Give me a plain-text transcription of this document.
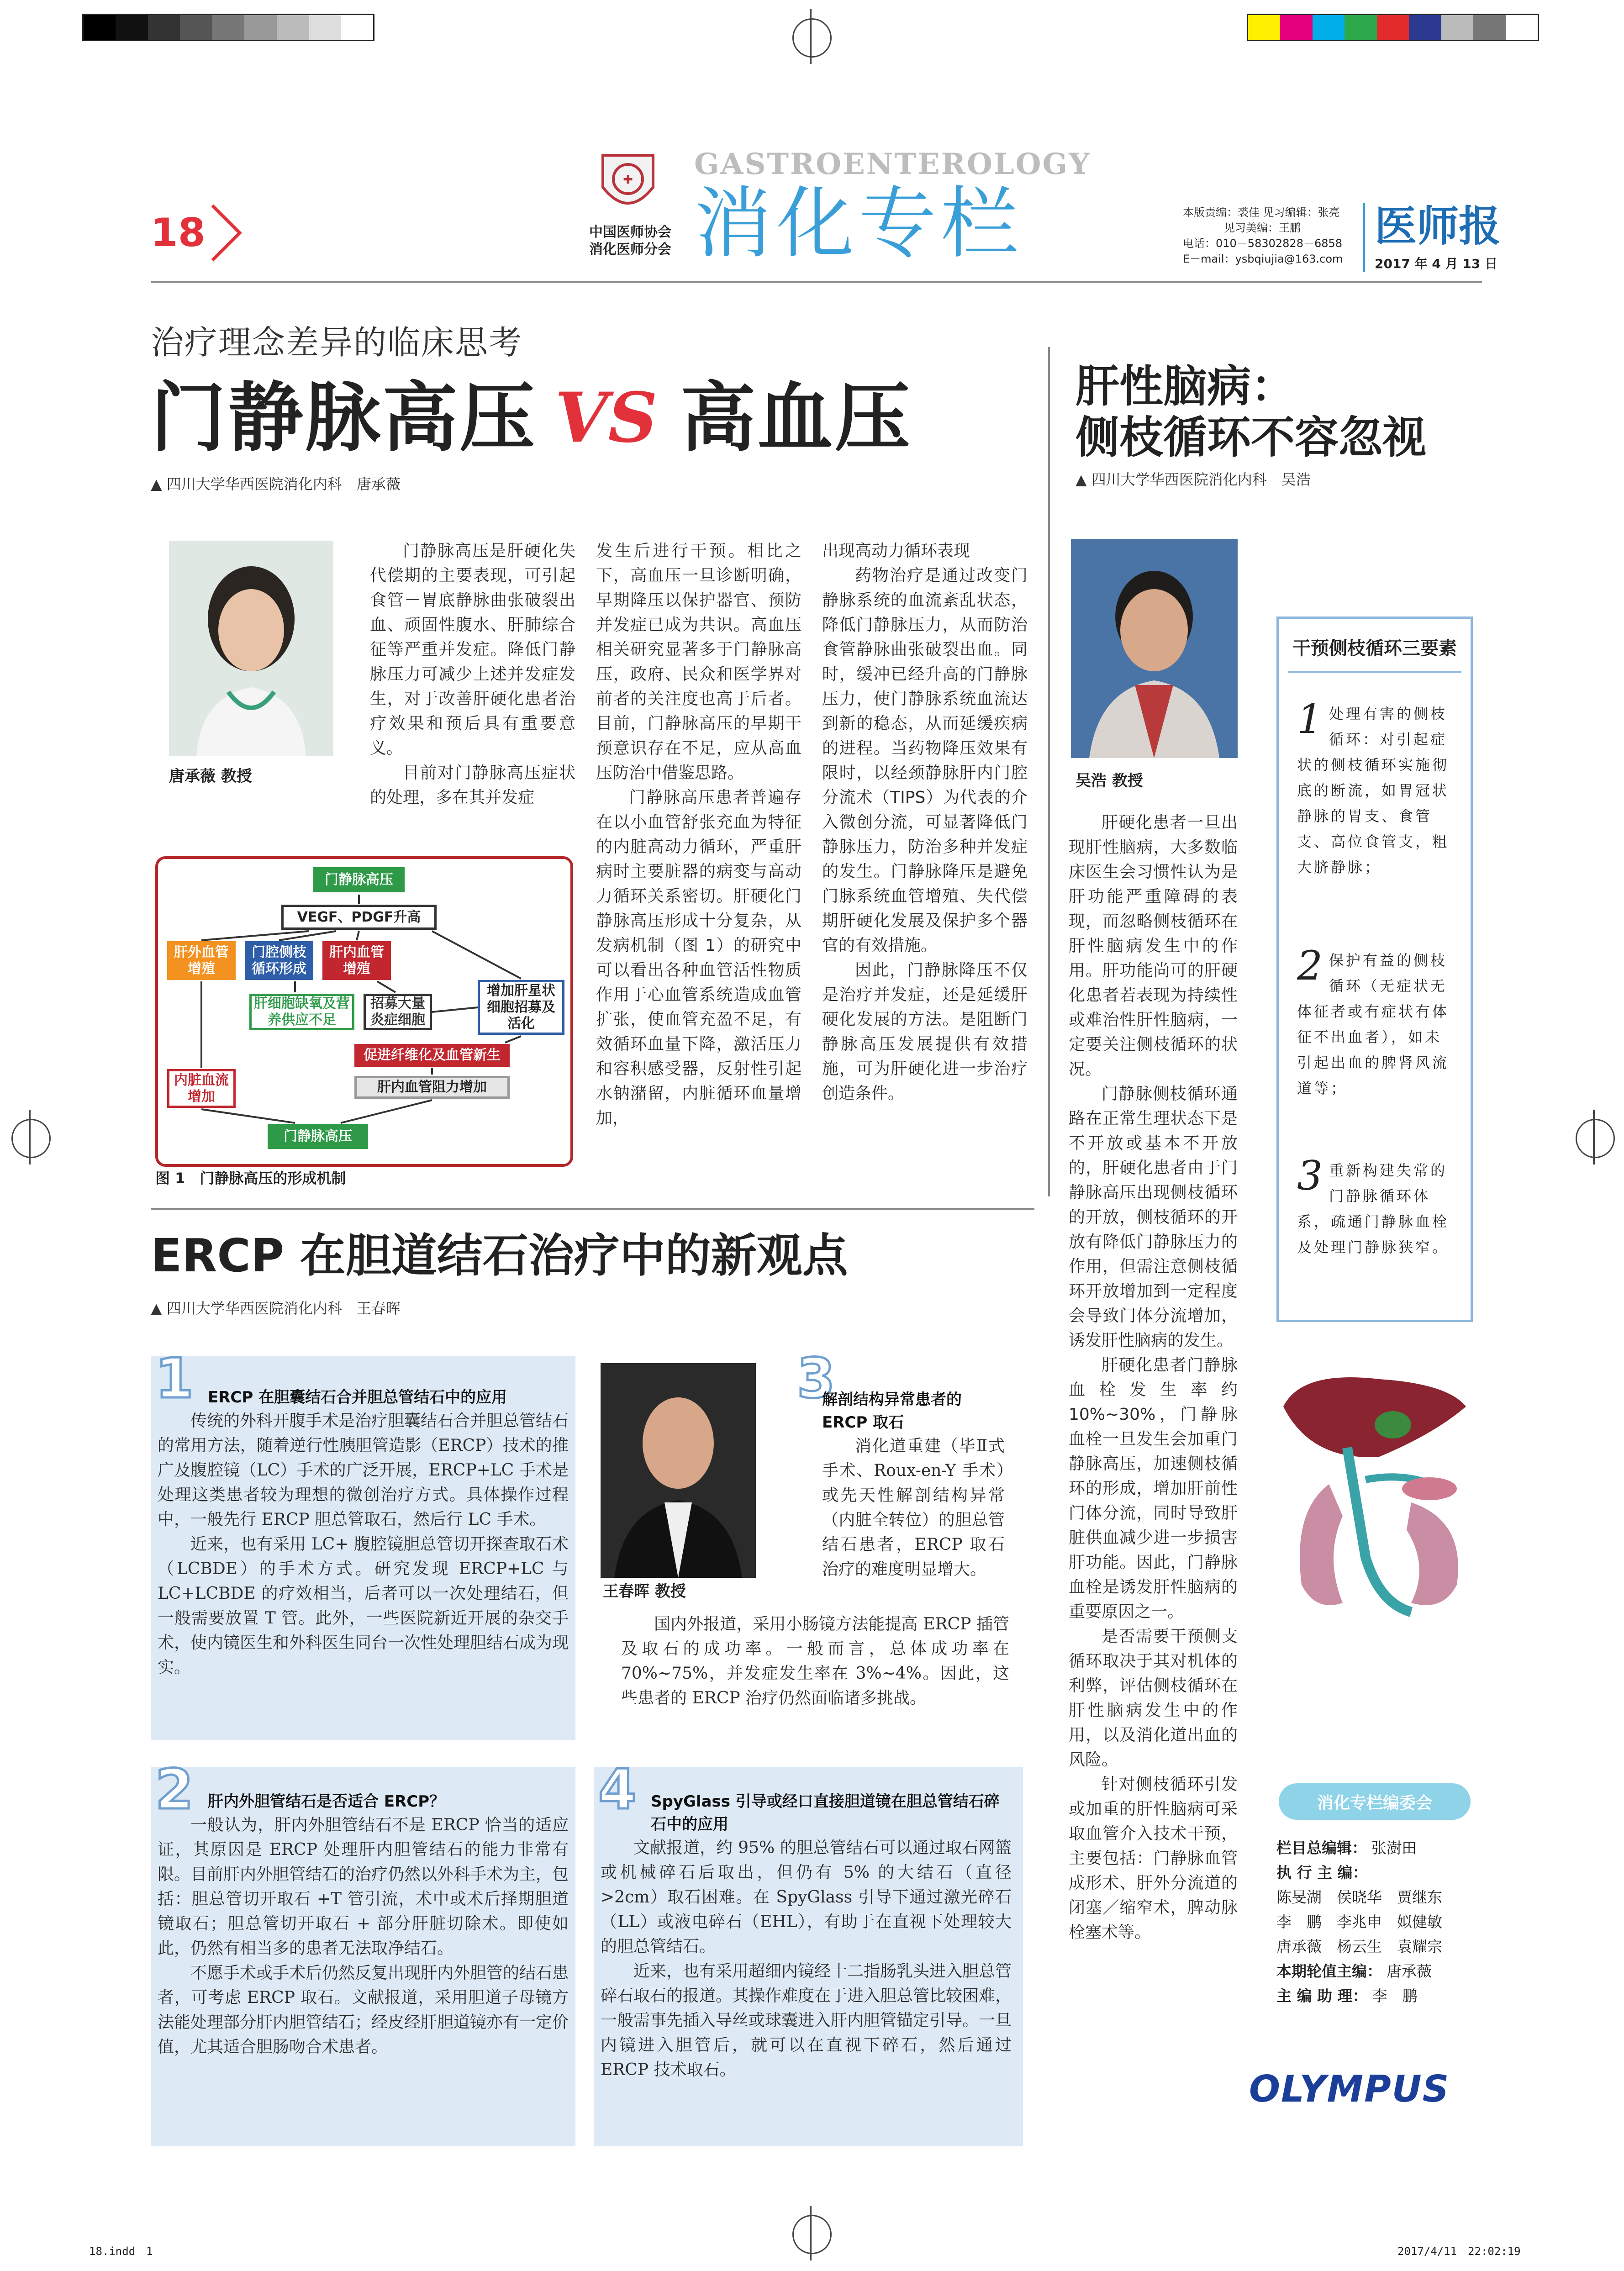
18
✚
中国医师协会
消化医师分会
GASTROENTEROLOGY
消化专栏	本版责编：裘佳 见习编辑：张亮
见习美编：王鹏
电话：010－58302828－6858
E－mail：ysbqiujia@163.com
医师报
2017 年 4 月 13 日
治疗理念差异的临床思考
门静脉高压 VS 高血压
▲ 四川大学华西医院消化内科　唐承薇
唐承薇 教授

门静脉高压是肝硬化失代偿期的主要表现，可引起食管－胃底静脉曲张破裂出血、顽固性腹水、肝肺综合征等严重并发症。降低门静脉压力可减少上述并发症发生，对于改善肝硬化患者治疗效果和预后具有重要意义。

目前对门静脉高压症状的处理，多在其并发症

发生后进行干预。相比之下，高血压一旦诊断明确，早期降压以保护器官、预防并发症已成为共识。高血压相关研究显著多于门静脉高压，政府、民众和医学界对前者的关注度也高于后者。目前，门静脉高压的早期干预意识存在不足，应从高血压防治中借鉴思路。

门静脉高压患者普遍存在以小血管舒张充血为特征的内脏高动力循环，严重肝病时主要脏器的病变与高动力循环关系密切。肝硬化门静脉高压形成十分复杂，从发病机制（图 1）的研究中可以看出各种血管活性物质作用于心血管系统造成血管扩张，使血管充盈不足，有效循环血量下降，激活压力和容积感受器，反射性引起水钠潴留，内脏循环血量增加，

出现高动力循环表现

药物治疗是通过改变门静脉系统的血流紊乱状态，降低门静脉压力，从而防治食管静脉曲张破裂出血。同时，缓冲已经升高的门静脉压力，使门静脉系统血流达到新的稳态，从而延缓疾病的进程。当药物降压效果有限时，以经颈静脉肝内门腔分流术（TIPS）为代表的介入微创分流，可显著降低门静脉压力，防治多种并发症的发生。门静脉降压是避免门脉系统血管增殖、失代偿期肝硬化发展及保护多个器官的有效措施。

因此，门静脉降压不仅是治疗并发症，还是延缓肝硬化发展的方法。是阻断门静脉高压发展提供有效措施，可为肝硬化进一步治疗创造条件。

门静脉高压
VEGF、PDGF升高
肝外血管增殖
门腔侧枝循环形成
肝内血管增殖
增加肝星状细胞招募及活化
肝细胞缺氧及营养供应不足
招募大量炎症细胞
促进纤维化及血管新生
内脏血流增加
肝内血管阻力增加
门静脉高压
图 1　门静脉高压的形成机制
肝性脑病：
侧枝循环不容忽视
▲ 四川大学华西医院消化内科　吴浩
吴浩 教授

肝硬化患者一旦出现肝性脑病，大多数临床医生会习惯性认为是肝功能严重障碍的表现，而忽略侧枝循环在肝性脑病发生中的作用。肝功能尚可的肝硬化患者若表现为持续性或难治性肝性脑病，一定要关注侧枝循环的状况。

门静脉侧枝循环通路在正常生理状态下是不开放或基本不开放的，肝硬化患者由于门静脉高压出现侧枝循环的开放，侧枝循环的开放有降低门静脉压力的作用，但需注意侧枝循环开放增加到一定程度会导致门体分流增加，诱发肝性脑病的发生。

肝硬化患者门静脉血栓发生率约 10%~30%，门静脉血栓一旦发生会加重门静脉高压，加速侧枝循环的形成，增加肝前性门体分流，同时导致肝脏供血减少进一步损害肝功能。因此，门静脉血栓是诱发肝性脑病的重要原因之一。

是否需要干预侧支循环取决于其对机体的利弊，评估侧枝循环在肝性脑病发生中的作用，以及消化道出血的风险。

针对侧枝循环引发或加重的肝性脑病可采取血管介入技术干预，主要包括：门静脉血管成形术、肝外分流道的闭塞／缩窄术，脾动脉栓塞术等。

干预侧枝循环三要素
1 处理有害的侧枝循环：对引起症状的侧枝循环实施彻底的断流，如胃冠状静脉的胃支、食管支、高位食管支，粗大脐静脉；
2 保护有益的侧枝循环（无症状无体征者或有症状有体征不出血者），如未引起出血的脾肾风流道等；
3 重新构建失常的门静脉循环体系，疏通门静脉血栓及处理门静脉狭窄。
消化专栏编委会
栏目总编辑： 张澍田
执 行 主 编：
陈旻湖　侯晓华　贾继东
李　鹏　李兆申　姒健敏
唐承薇　杨云生　袁耀宗
本期轮值主编： 唐承薇
主 编 助 理： 李　鹏
OLYMPUS
ERCP 在胆道结石治疗中的新观点
▲ 四川大学华西医院消化内科　王春晖
1 ERCP 在胆囊结石合并胆总管结石中的应用

传统的外科开腹手术是治疗胆囊结石合并胆总管结石的常用方法，随着逆行性胰胆管造影（ERCP）技术的推广及腹腔镜（LC）手术的广泛开展，ERCP+LC 手术是处理这类患者较为理想的微创治疗方式。具体操作过程中，一般先行 ERCP 胆总管取石，然后行 LC 手术。

近来，也有采用 LC+ 腹腔镜胆总管切开探查取石术（LCBDE）的手术方式。研究发现 ERCP+LC 与 LC+LCBDE 的疗效相当，后者可以一次处理结石，但一般需要放置 T 管。此外，一些医院新近开展的杂交手术，使内镜医生和外科医生同台一次性处理胆结石成为现实。

王春晖 教授
3
解剖结构异常患者的 ERCP 取石

消化道重建（毕Ⅱ式手术、Roux-en-Y 手术）或先天性解剖结构异常（内脏全转位）的胆总管结石患者，ERCP 取石治疗的难度明显增大。

国内外报道，采用小肠镜方法能提高 ERCP 插管及取石的成功率。一般而言，总体成功率在 70%~75%，并发症发生率在 3%~4%。因此，这些患者的 ERCP 治疗仍然面临诸多挑战。

2 肝内外胆管结石是否适合 ERCP？

一般认为，肝内外胆管结石不是 ERCP 恰当的适应证，其原因是 ERCP 处理肝内胆管结石的能力非常有限。目前肝内外胆管结石的治疗仍然以外科手术为主，包括：胆总管切开取石 +T 管引流，术中或术后择期胆道镜取石；胆总管切开取石 + 部分肝脏切除术。即使如此，仍然有相当多的患者无法取净结石。

不愿手术或手术后仍然反复出现肝内外胆管的结石患者，可考虑 ERCP 取石。文献报道，采用胆道子母镜方法能处理部分肝内胆管结石；经皮经肝胆道镜亦有一定价值，尤其适合胆肠吻合术患者。

4 SpyGlass 引导或经口直接胆道镜在胆总管结石碎石中的应用

文献报道，约 95% 的胆总管结石可以通过取石网篮或机械碎石后取出，但仍有 5% 的大结石（直径 >2cm）取石困难。在 SpyGlass 引导下通过激光碎石（LL）或液电碎石（EHL），有助于在直视下处理较大的胆总管结石。

近来，也有采用超细内镜经十二指肠乳头进入胆总管碎石取石的报道。其操作难度在于进入胆总管比较困难，一般需事先插入导丝或球囊进入肝内胆管锚定引导。一旦内镜进入胆管后，就可以在直视下碎石，然后通过 ERCP 技术取石。

18.indd　1	2017/4/11　22:02:19
